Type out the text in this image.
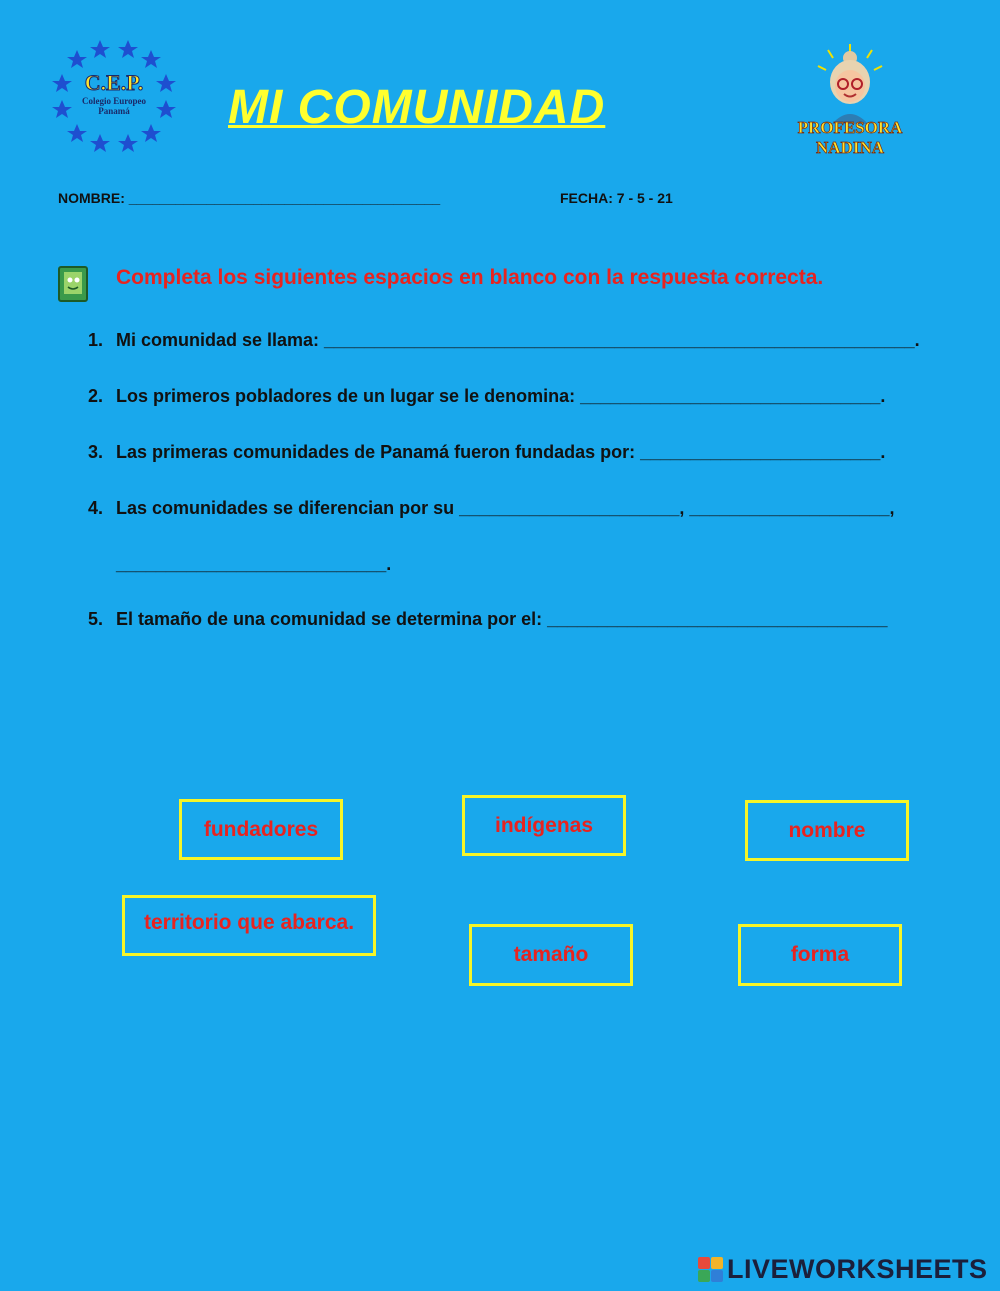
C.E.P.
Colegio Europeo
Panamá	MI COMUNIDAD	PROFESORA
NADINA
NOMBRE: ________________________________________	FECHA: 7 - 5 - 21
Completa los siguientes espacios en blanco con la respuesta correcta.
1. Mi comunidad se llama: ___________________________________________________________.
2. Los primeros pobladores de un lugar se le denomina: ______________________________.
3. Las primeras comunidades de Panamá fueron fundadas por: ________________________.
4. Las comunidades se diferencian por su ______________________, ____________________,
___________________________.
5. El tamaño de una comunidad se determina por el: __________________________________
fundadores	indígenas	nombre
territorio que abarca.
tamaño	forma
LIVEWORKSHEETS
